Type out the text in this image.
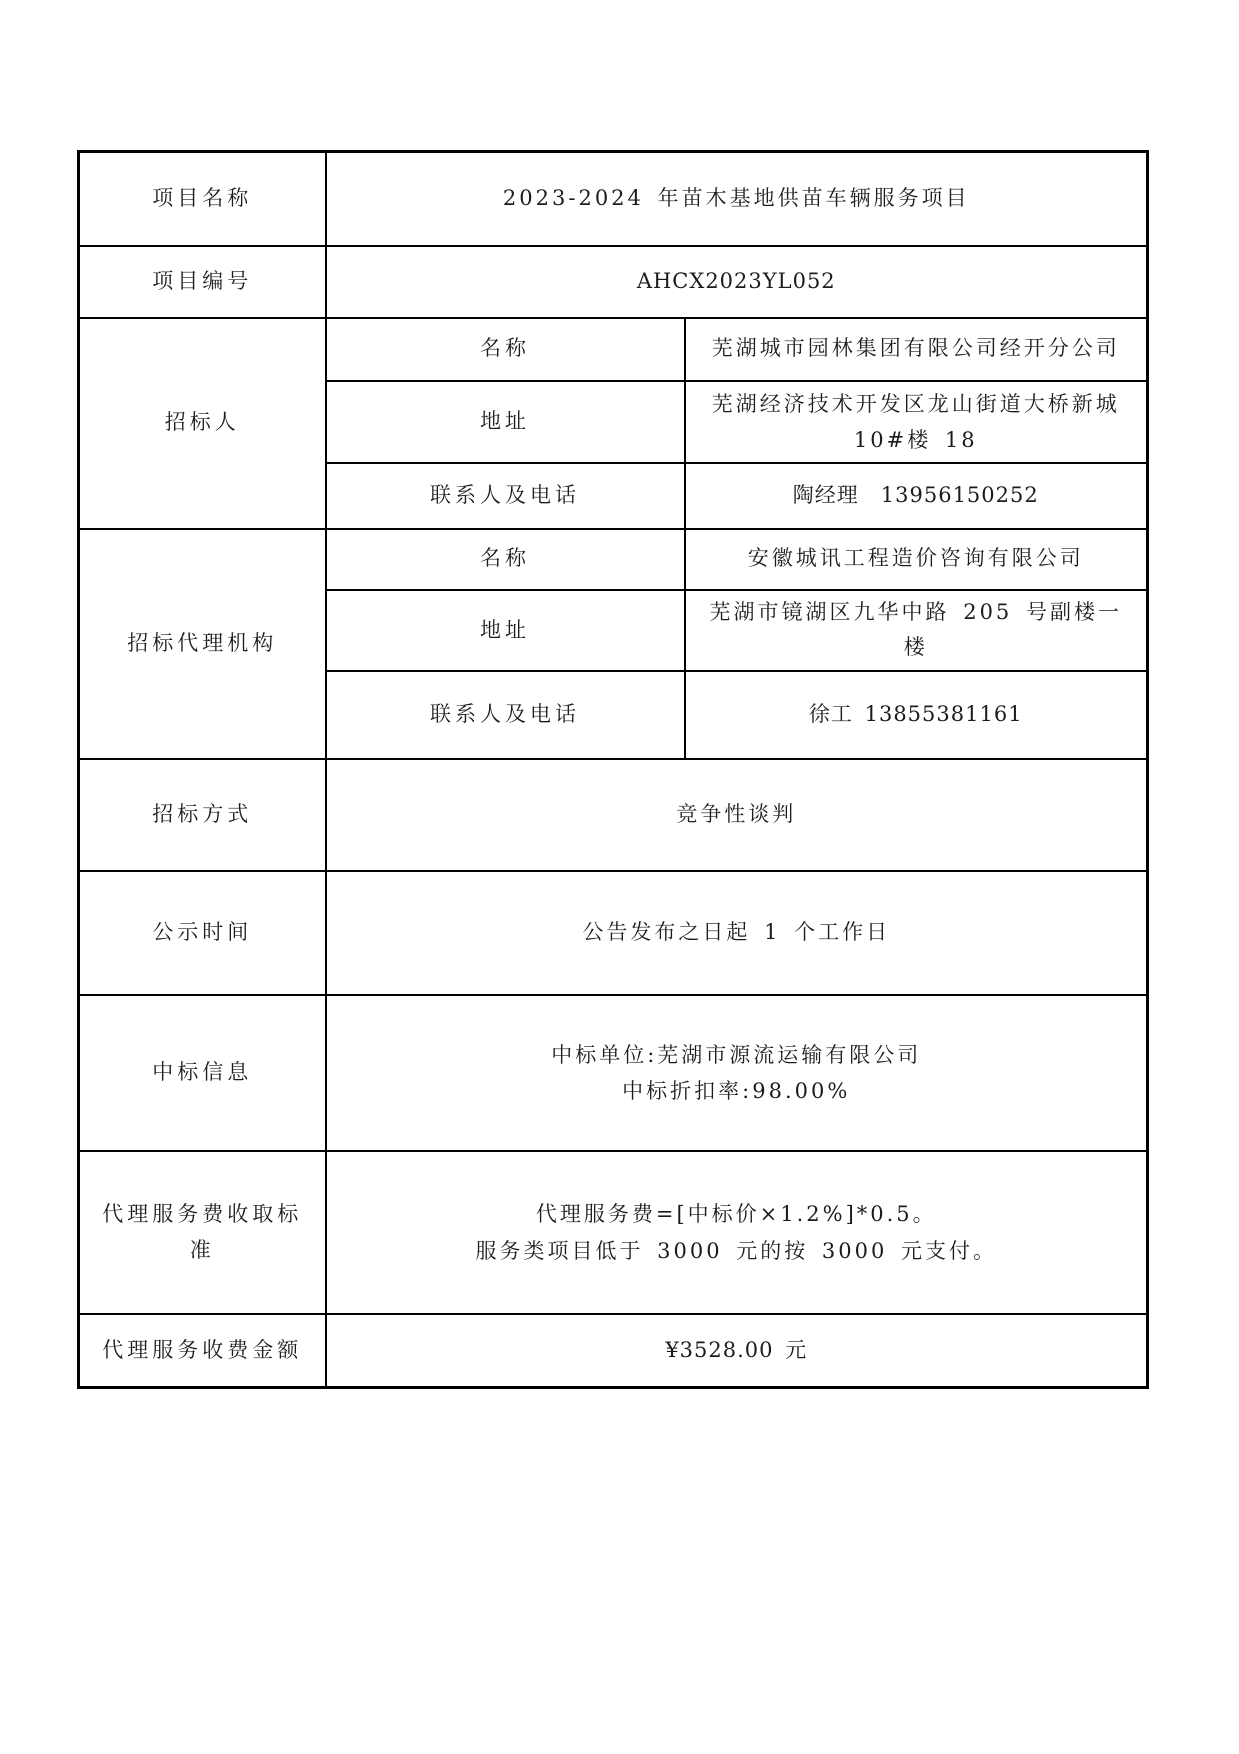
项目名称	2023-2024 年苗木基地供苗车辆服务项目	
项目编号	AHCX2023YL052	
招标人	名称	芜湖城市园林集团有限公司经开分公司
	地址	芜湖经济技术开发区龙山街道大桥新城
10#楼 18

	联系人及电话	陶经理　13956150252
招标代理机构	名称	安徽城讯工程造价咨询有限公司
	地址	芜湖市镜湖区九华中路 205 号副楼一楼
	联系人及电话	徐工 13855381161
招标方式	竞争性谈判	
公示时间	公告发布之日起 1 个工作日	
中标信息	中标单位:芜湖市源流运输有限公司
中标折扣率:98.00%	

代理服务费收取标准	代理服务费=[中标价×1.2%]*0.5。
服务类项目低于 3000 元的按 3000 元支付。	

代理服务收费金额	¥3528.00 元	
